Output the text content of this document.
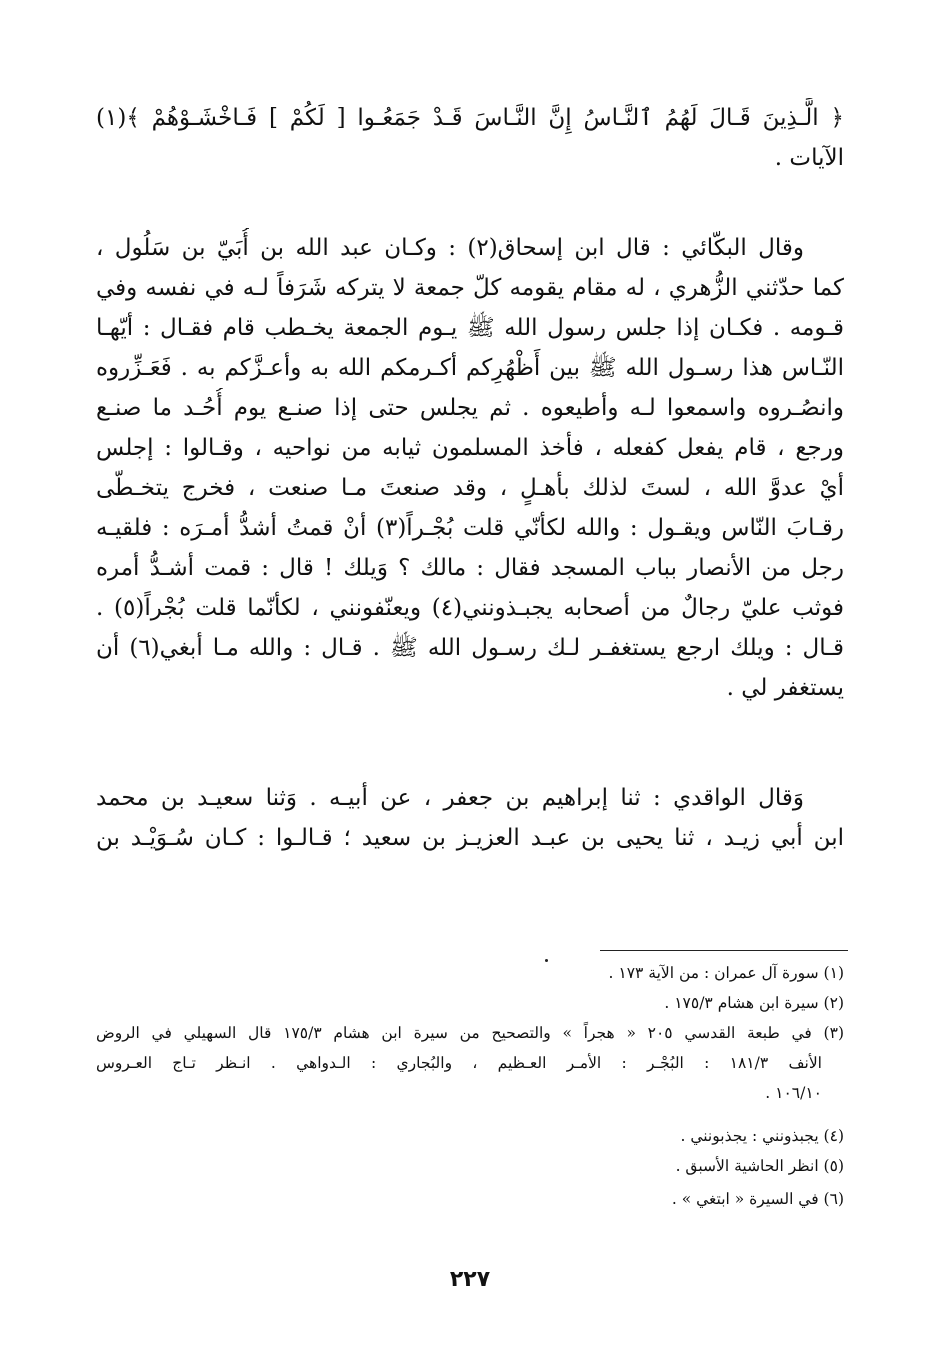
﴿ الَّـذِينَ قَـالَ لَهُمُ ٱلنَّـاسُ إِنَّ النَّـاسَ قَـدْ جَمَعُـوا [ لَكُمْ ] فَـاخْشَـوْهُمْ ﴾(١)
الآيات .
وقال البكّائي : قال ابن إسحاق(٢) : وكـان عبد الله بن أُبَيّ بن سَلُول ،
كما حدّثني الزُّهري ، له مقام يقومه كلّ جمعة لا يتركه شَرَفاً لـه في نفسه وفي
قـومه . فكـان إذا جلس رسول الله ﷺ يـوم الجمعة يخـطب قام فقـال : أيّهـا
النّـاس هذا رسـول الله ﷺ بين أَظْهُرِكم أكـرمكم الله به وأعـزَّكم به . فَعَـزِّروه
وانصُـروه واسمعوا لـه وأطيعوه . ثم يجلس حتى إذا صنـع يوم أُحُـد ما صنـع
ورجع ، قام يفعل كفعله ، فأخذ المسلمون ثيابه من نواحيه ، وقـالوا : إجلس
أيْ عدوَّ الله ، لستَ لذلك بأهـلٍ ، وقد صنعتَ مـا صنعت ، فخرج يتخـطّى
رقـابَ النّاس ويقـول : والله لكأنّي قلت بُجْـراً(٣) أنْ قمتُ أشدُّ أمـرَه : فلقيـه
رجل من الأنصار بباب المسجد فقال : مالك ؟ وَيلك ! قال : قمت أشـدُّ أمره
فوثب عليّ رجالٌ من أصحابه يجبـذونني(٤) ويعنّفونني ، لكأنّما قلت بُجْراً(٥) .
قـال : ويلك ارجع يستغفـر لـك رسـول الله ﷺ . قـال : والله مـا أبغي(٦) أن
يستغفر لي .
وَقال الواقدي : ثنا إبراهيم بن جعفر ، عن أبيـه . وَثنا سعيـد بن محمد
ابن أبي زيـد ، ثنا يحيى بن عبـد العزيـز بن سعيد ؛ قـالـوا : كـان سُـوَيْـد بن
(١) سورة آل عمران : من الآية ١٧٣ .
(٢) سيرة ابن هشام ١٧٥/٣ .
(٣) في طبعة القدسي ٢٠٥ « هجراً » والتصحيح من سيرة ابن هشام ١٧٥/٣ قال السهيلي في الروض
الأنف ١٨١/٣ : البُجْـر : الأمـر العـظيم ، والبُجاري : الـدواهي . انـظر تـاج العـروس
١٠٦/١٠ .
(٤) يجبذونني : يجذبونني .
(٥) انظر الحاشية الأسبق .
(٦) في السيرة « ابتغي » .
٢٢٧
